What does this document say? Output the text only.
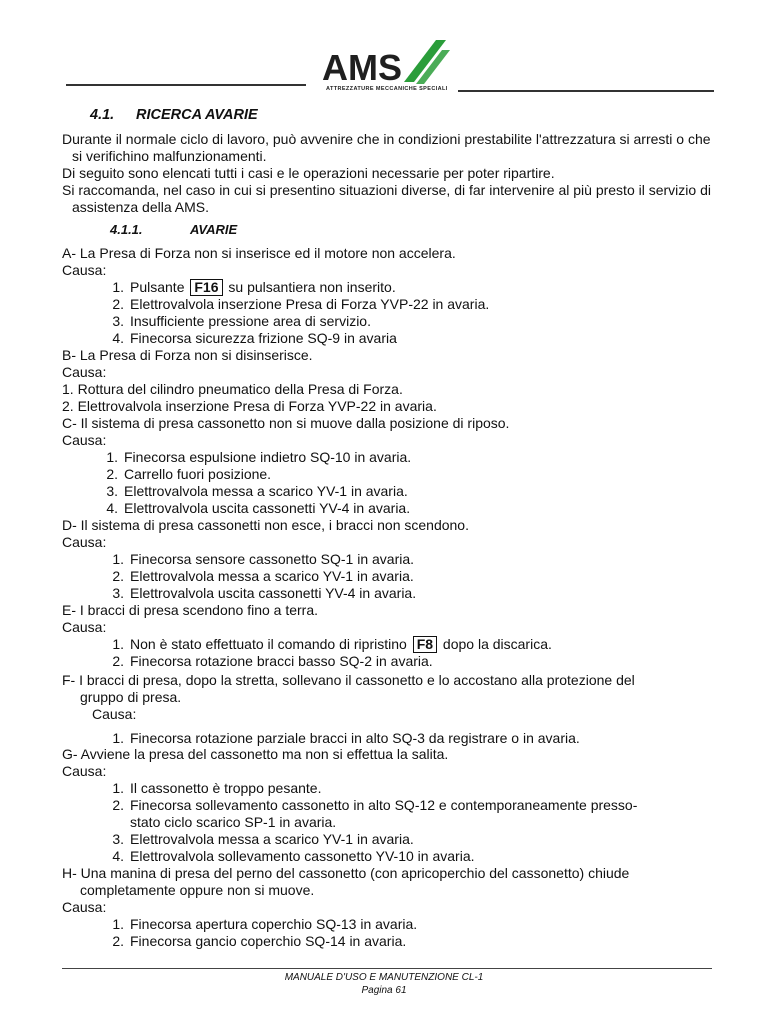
AMS
ATTREZZATURE MECCANICHE SPECIALI
4.1. RICERCA AVARIE
Durante il normale ciclo di lavoro, può avvenire che in condizioni prestabilite l'attrezzatura si arresti o che si verifichino malfunzionamenti.
Di seguito sono elencati tutti i casi e le operazioni necessarie per poter ripartire.
Si raccomanda, nel caso in cui si presentino situazioni diverse, di far intervenire al più presto il servizio di assistenza della AMS.
4.1.1.	AVARIE
A- La Presa di Forza non si inserisce ed il motore non accelera.
Causa:
1. Pulsante F16 su pulsantiera non inserito.
2. Elettrovalvola inserzione Presa di Forza YVP-22 in avaria.
3. Insufficiente pressione area di servizio.
4. Finecorsa sicurezza frizione SQ-9 in avaria
B- La Presa di Forza non si disinserisce.
Causa:
1. Rottura del cilindro pneumatico della Presa di Forza.
2. Elettrovalvola inserzione Presa di Forza YVP-22 in avaria.
C- Il sistema di presa cassonetto non si muove dalla posizione di riposo.
Causa:
1. Finecorsa espulsione indietro SQ-10 in avaria.
2. Carrello fuori posizione.
3. Elettrovalvola messa a scarico YV-1 in avaria.
4. Elettrovalvola uscita cassonetti YV-4 in avaria.
D- Il sistema di presa cassonetti non esce, i bracci non scendono.
Causa:
1. Finecorsa sensore cassonetto SQ-1 in avaria.
2. Elettrovalvola messa a scarico YV-1 in avaria.
3. Elettrovalvola uscita cassonetti YV-4 in avaria.
E- I bracci di presa scendono fino a terra.
Causa:
1. Non è stato effettuato il comando di ripristino F8 dopo la discarica.
2. Finecorsa rotazione bracci basso SQ-2 in avaria.
F- I bracci di presa, dopo la stretta, sollevano il cassonetto e lo accostano alla protezione del
gruppo di presa.
Causa:
1. Finecorsa rotazione parziale bracci in alto SQ-3 da registrare o in avaria.
G- Avviene la presa del cassonetto ma non si effettua la salita.
Causa:
1. Il cassonetto è troppo pesante.
2. Finecorsa sollevamento cassonetto in alto SQ-12 e contemporaneamente presso-
stato ciclo scarico SP-1 in avaria.
3. Elettrovalvola messa a scarico YV-1 in avaria.
4. Elettrovalvola sollevamento cassonetto YV-10 in avaria.
H- Una manina di presa del perno del cassonetto (con apricoperchio del cassonetto) chiude
completamente oppure non si muove.
Causa:
1. Finecorsa apertura coperchio SQ-13 in avaria.
2. Finecorsa gancio coperchio SQ-14 in avaria.
MANUALE D'USO E MANUTENZIONE CL-1
Pagina 61
